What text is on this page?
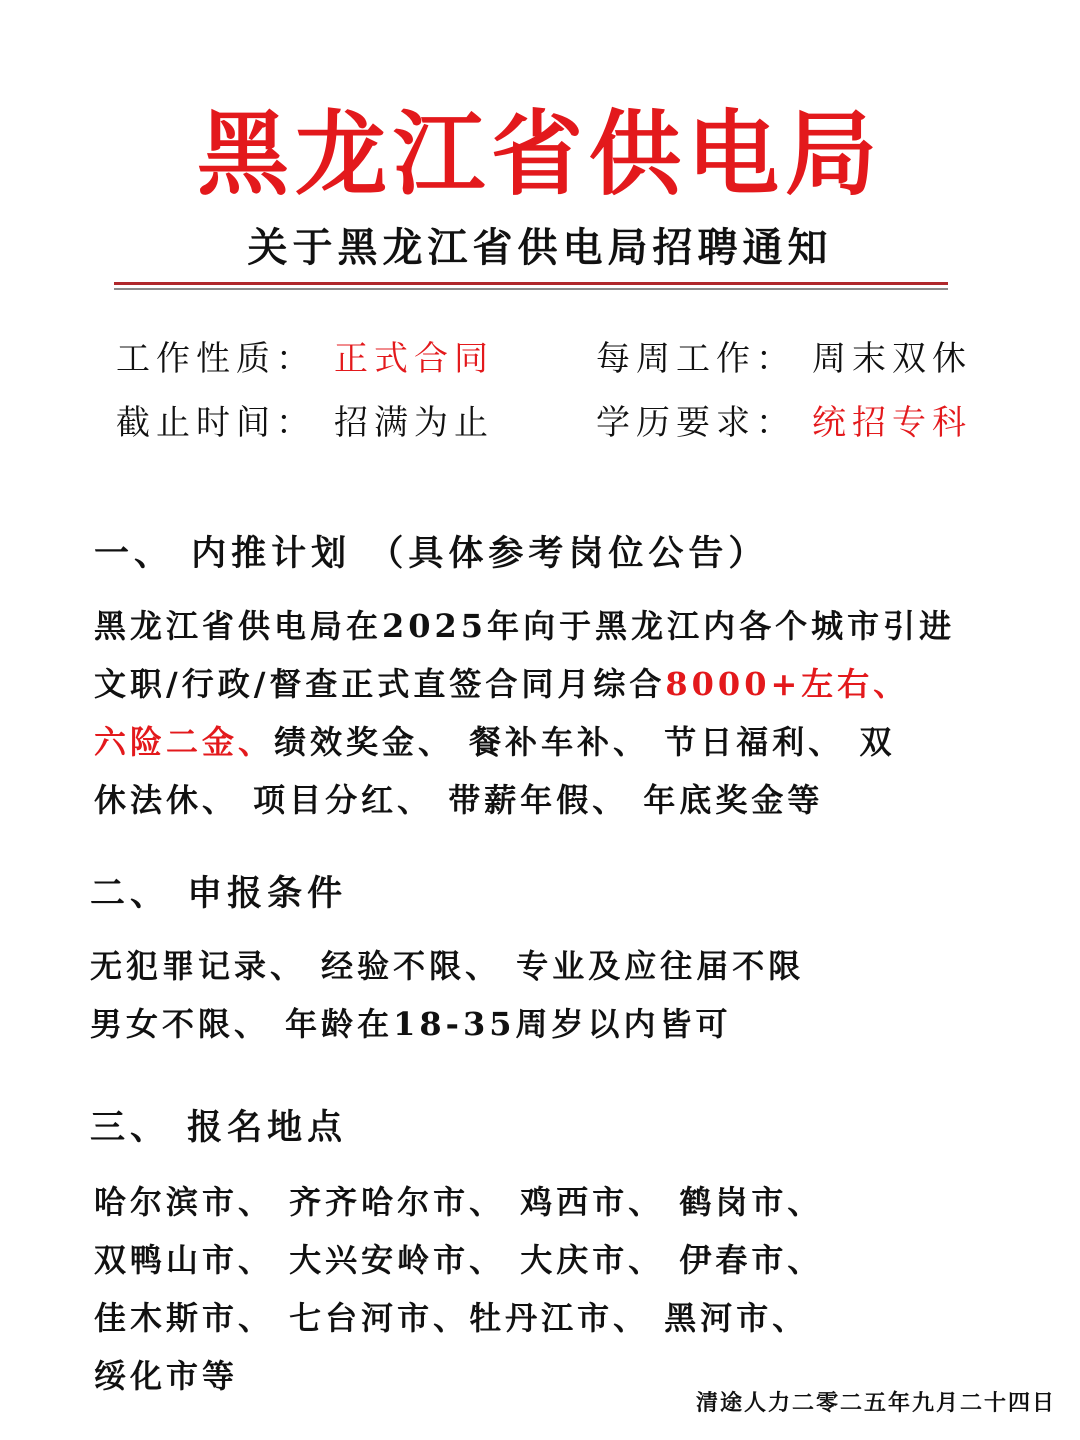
黑龙江省供电局
关于黑龙江省供电局招聘通知
工作性质： 正式合同	每周工作： 周末双休
截止时间： 招满为止	学历要求： 统招专科
一、 内推计划 （具体参考岗位公告）
黑龙江省供电局在2025年向于黑龙江内各个城市引进
文职/行政/督查正式直签合同月综合8000+左右、
六险二金、绩效奖金、 餐补车补、 节日福利、 双
休法休、 项目分红、 带薪年假、 年底奖金等
二、 申报条件
无犯罪记录、 经验不限、 专业及应往届不限
男女不限、 年龄在18-35周岁以内皆可
三、 报名地点
哈尔滨市、 齐齐哈尔市、 鸡西市、 鹤岗市、
双鸭山市、 大兴安岭市、 大庆市、 伊春市、
佳木斯市、 七台河市、牡丹江市、 黑河市、
绥化市等
清途人力二零二五年九月二十四日
